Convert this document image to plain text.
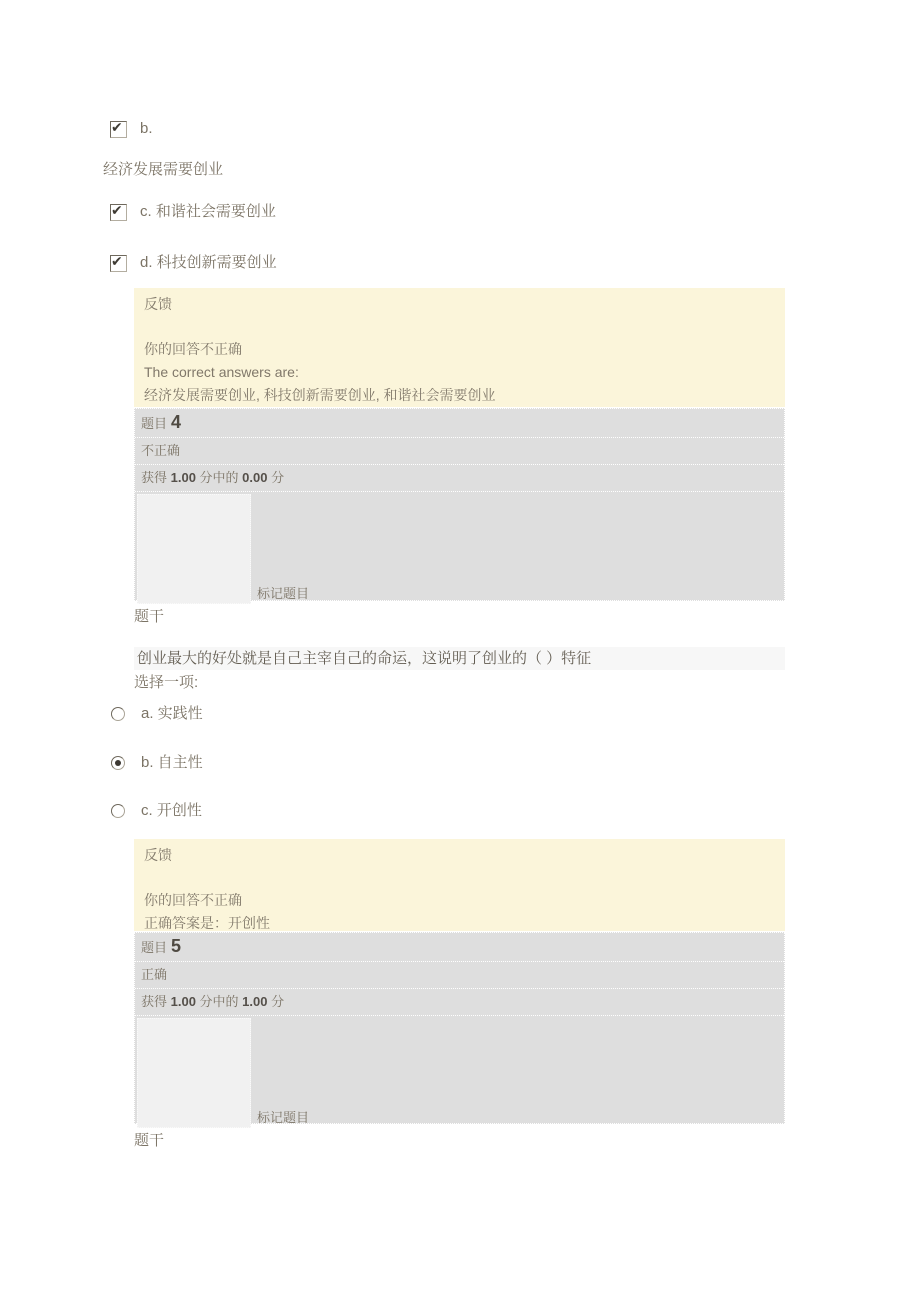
✔
b.
经济发展需要创业
✔
c. 和谐社会需要创业
✔
d. 科技创新需要创业
反馈
你的回答不正确
The correct answers are:
经济发展需要创业, 科技创新需要创业, 和谐社会需要创业
题目 4
不正确
获得 1.00 分中的 0.00 分
标记题目
题干
创业最大的好处就是自己主宰自己的命运，这说明了创业的（ ）特征
选择一项:
a. 实践性
b. 自主性
c. 开创性
反馈
你的回答不正确
正确答案是：开创性
题目 5
正确
获得 1.00 分中的 1.00 分
标记题目
题干
